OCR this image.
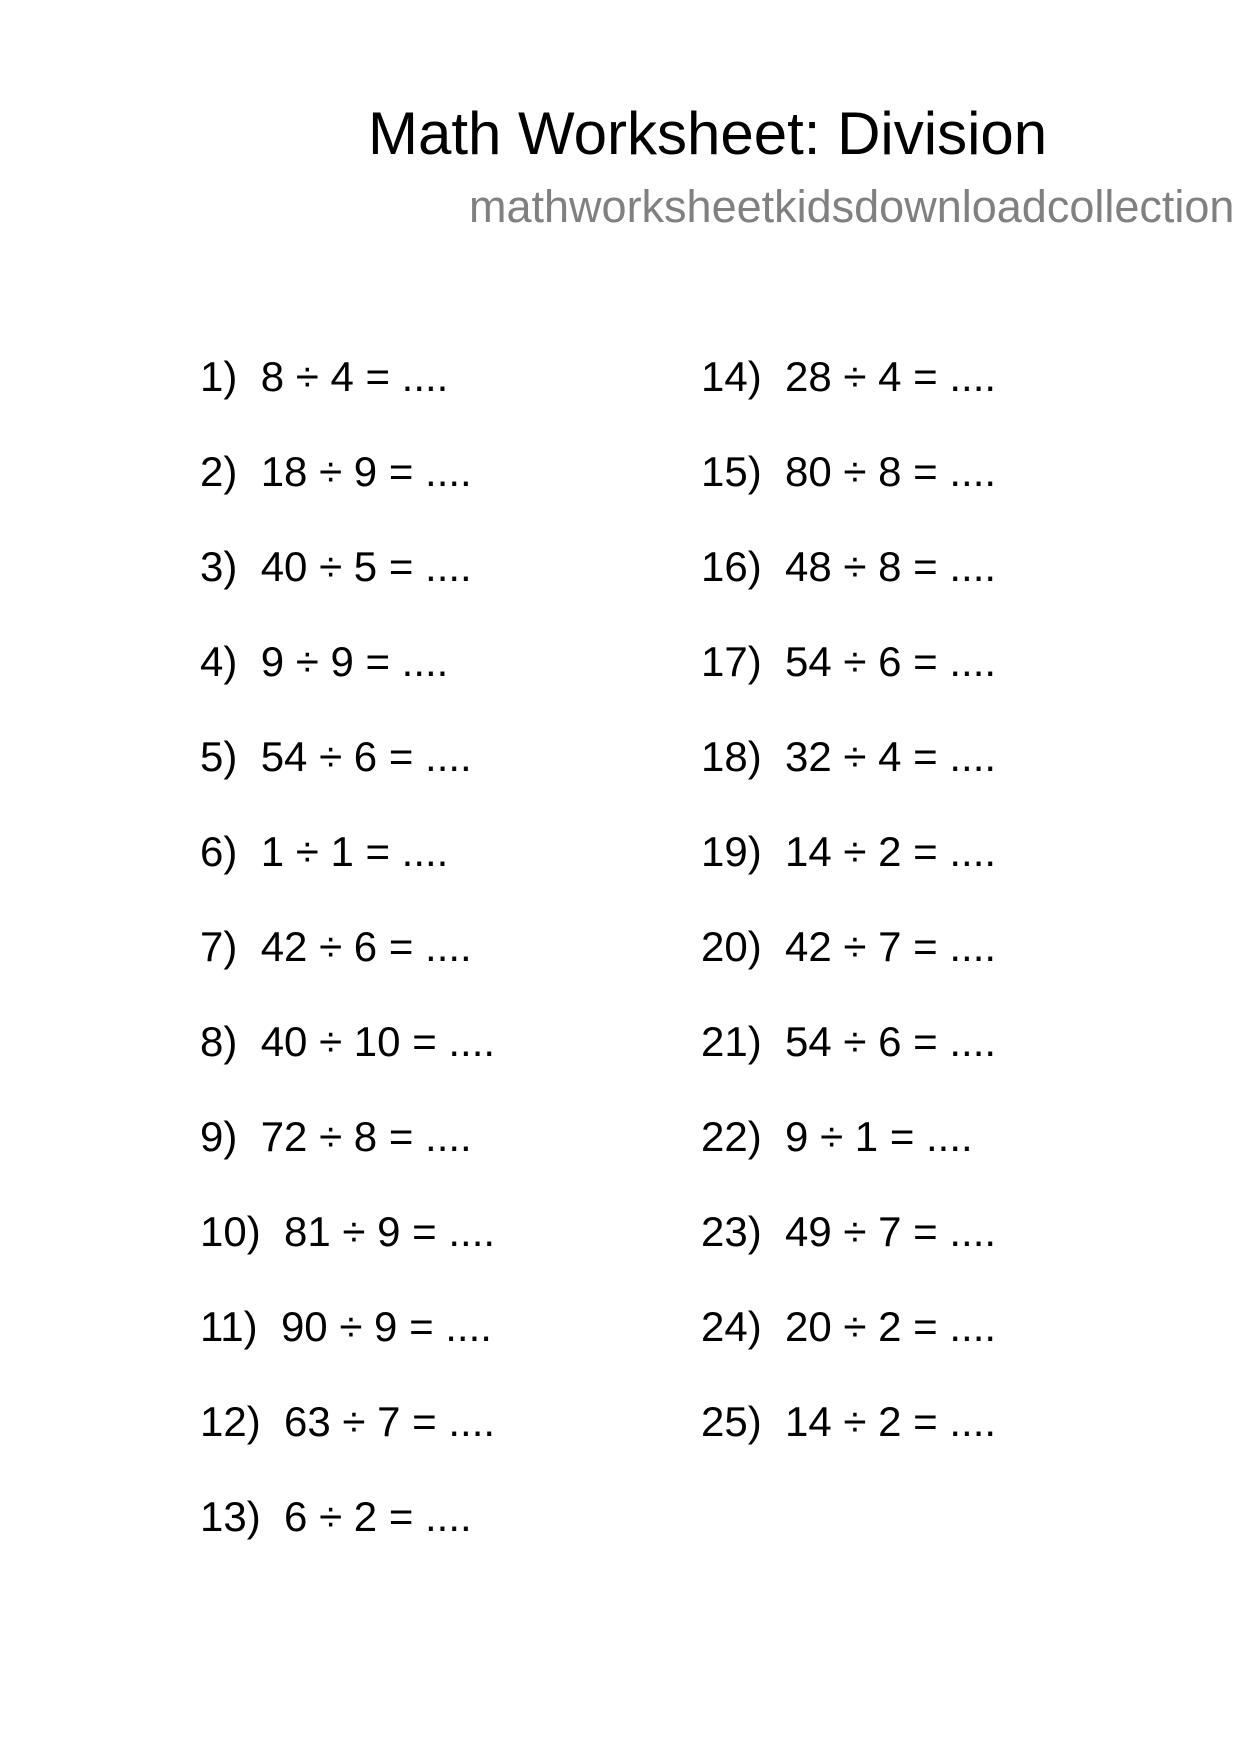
Math Worksheet: Division
mathworksheetkidsdownloadcollection
1) 8 ÷ 4 = ....
2) 18 ÷ 9 = ....
3) 40 ÷ 5 = ....
4) 9 ÷ 9 = ....
5) 54 ÷ 6 = ....
6) 1 ÷ 1 = ....
7) 42 ÷ 6 = ....
8) 40 ÷ 10 = ....
9) 72 ÷ 8 = ....
10) 81 ÷ 9 = ....
11) 90 ÷ 9 = ....
12) 63 ÷ 7 = ....
13) 6 ÷ 2 = ....
14) 28 ÷ 4 = ....
15) 80 ÷ 8 = ....
16) 48 ÷ 8 = ....
17) 54 ÷ 6 = ....
18) 32 ÷ 4 = ....
19) 14 ÷ 2 = ....
20) 42 ÷ 7 = ....
21) 54 ÷ 6 = ....
22) 9 ÷ 1 = ....
23) 49 ÷ 7 = ....
24) 20 ÷ 2 = ....
25) 14 ÷ 2 = ....
